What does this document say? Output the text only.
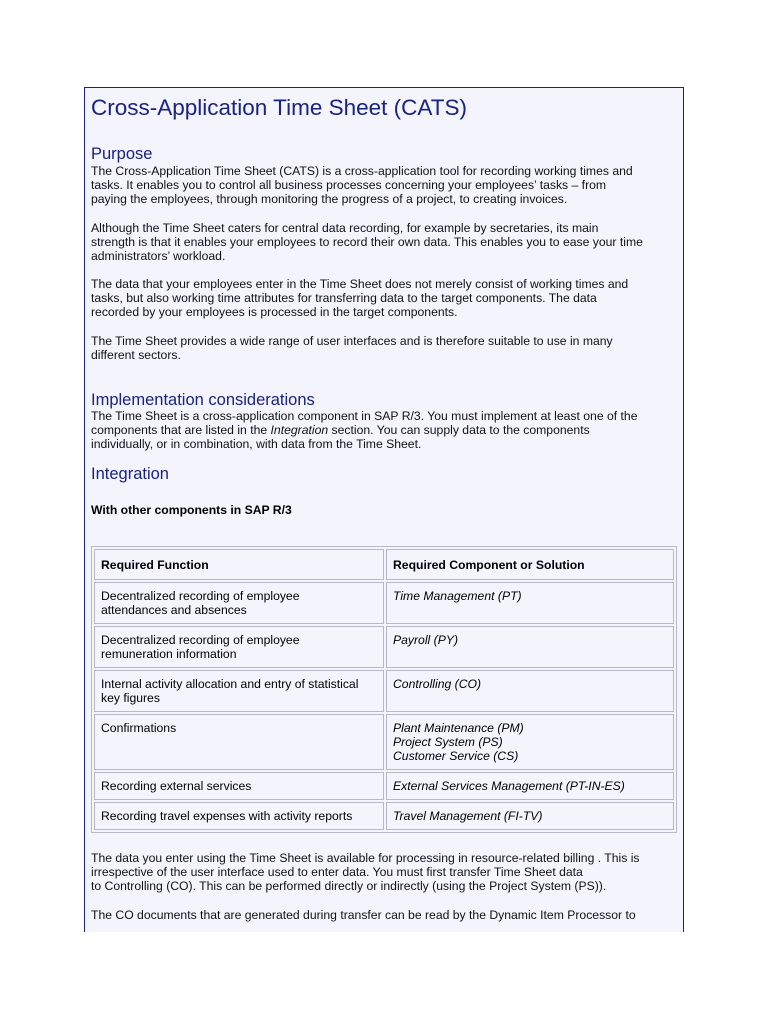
Cross-Application Time Sheet (CATS)
Purpose

The Cross-Application Time Sheet (CATS) is a cross-application tool for recording working times and
tasks. It enables you to control all business processes concerning your employees’ tasks – from
paying the employees, through monitoring the progress of a project, to creating invoices.

Although the Time Sheet caters for central data recording, for example by secretaries, its main
strength is that it enables your employees to record their own data. This enables you to ease your time
administrators’ workload.

The data that your employees enter in the Time Sheet does not merely consist of working times and
tasks, but also working time attributes for transferring data to the target components. The data
recorded by your employees is processed in the target components.

The Time Sheet provides a wide range of user interfaces and is therefore suitable to use in many
different sectors.

Implementation considerations

The Time Sheet is a cross-application component in SAP R/3. You must implement at least one of the
components that are listed in the Integration section. You can supply data to the components
individually, or in combination, with data from the Time Sheet.

Integration
With other components in SAP R/3
Required Function	Required Component or Solution

Decentralized recording of employee
attendances and absences	Time Management (PT)

Decentralized recording of employee
remuneration information	Payroll (PY)

Internal activity allocation and entry of statistical
key figures	Controlling (CO)

Confirmations	Plant Maintenance (PM)
Project System (PS)
Customer Service (CS)

Recording external services	External Services Management (PT-IN-ES)

Recording travel expenses with activity reports	Travel Management (FI-TV)

The data you enter using the Time Sheet is available for processing in resource-related billing . This is
irrespective of the user interface used to enter data. You must first transfer Time Sheet data
to Controlling (CO). This can be performed directly or indirectly (using the Project System (PS)).

The CO documents that are generated during transfer can be read by the Dynamic Item Processor to
